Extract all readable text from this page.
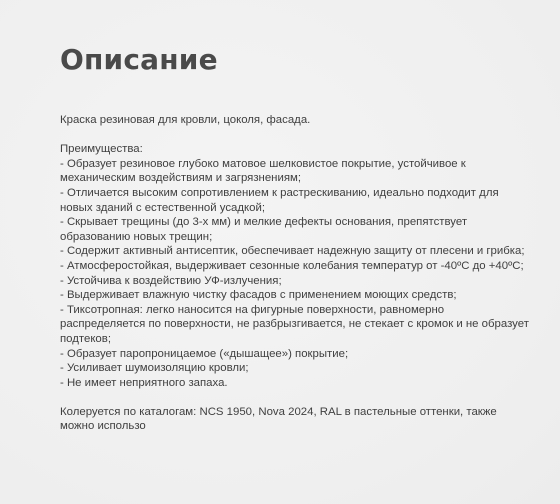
Описание

Краска резиновая для кровли, цоколя, фасада.

Преимущества:

- Образует резиновое глубоко матовое шелковистое покрытие, устойчивое к механическим воздействиям и загрязнениям;
- Отличается высоким сопротивлением к растрескиванию, идеально подходит для новых зданий с естественной усадкой;
- Скрывает трещины (до 3-х мм) и мелкие дефекты основания, препятствует образованию новых трещин;
- Содержит активный антисептик, обеспечивает надежную защиту от плесени и грибка;
- Атмосферостойкая, выдерживает сезонные колебания температур от -40ºС до +40ºС;
- Устойчива к воздействию УФ-излучения;
- Выдерживает влажную чистку фасадов с применением моющих средств;
- Тиксотропная: легко наносится на фигурные поверхности, равномерно распределяется по поверхности, не разбрызгивается, не стекает с кромок и не образует подтеков;
- Образует паропроницаемое («дышащее») покрытие;
- Усиливает шумоизоляцию кровли;
- Не имеет неприятного запаха.

Колеруется по каталогам: NCS 1950, Nova 2024, RAL в пастельные оттенки, также можно использо
